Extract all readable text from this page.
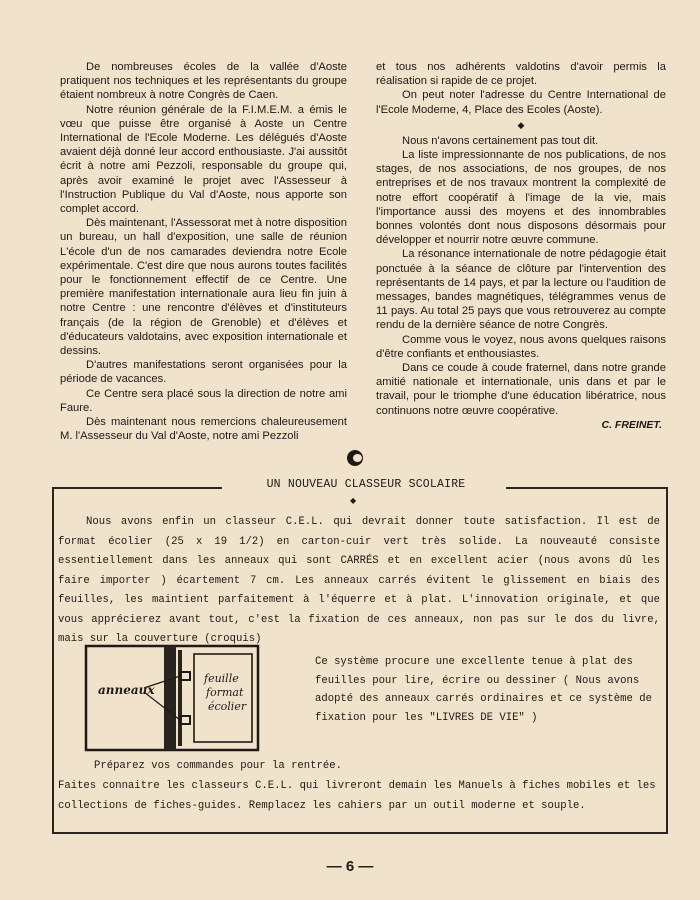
De nombreuses écoles de la vallée d'Aoste pratiquent nos techniques et les représentants du groupe étaient nombreux à notre Congrès de Caen.

Notre réunion générale de la F.I.M.E.M. a émis le vœu que puisse être organisé à Aoste un Centre International de l'Ecole Moderne. Les délégués d'Aoste avaient déjà donné leur accord enthousiaste. J'ai aussitôt écrit à notre ami Pezzoli, responsable du groupe qui, après avoir examiné le projet avec l'Assesseur à l'Instruction Publique du Val d'Aoste, nous apporte son complet accord.

Dès maintenant, l'Assessorat met à notre disposition un bureau, un hall d'exposition, une salle de réunion L'école d'un de nos camarades deviendra notre Ecole expérimentale. C'est dire que nous aurons toutes facilités pour le fonctionnement effectif de ce Centre. Une première manifestation internationale aura lieu fin juin à notre Centre : une rencontre d'élèves et d'instituteurs français (de la région de Grenoble) et d'élèves et d'éducateurs valdotains, avec exposition internationale et dessins.

D'autres manifestations seront organisées pour la période de vacances.

Ce Centre sera placé sous la direction de notre ami Faure.

Dès maintenant nous remercions chaleureusement M. l'Assesseur du Val d'Aoste, notre ami Pezzoli

et tous nos adhérents valdotins d'avoir permis la réalisation si rapide de ce projet.

On peut noter l'adresse du Centre International de l'Ecole Moderne, 4, Place des Ecoles (Aoste).

◆

Nous n'avons certainement pas tout dit.

La liste impressionnante de nos publications, de nos stages, de nos associations, de nos groupes, de nos entreprises et de nos travaux montrent la complexité de notre effort coopératif à l'image de la vie, mais l'importance aussi des moyens et des innombrables bonnes volontés dont nous disposons désormais pour développer et nourrir notre œuvre commune.

La résonance internationale de notre pédagogie était ponctuée à la séance de clôture par l'intervention des représentants de 14 pays, et par la lecture ou l'audition de messages, bandes magnétiques, télégrammes venus de 11 pays. Au total 25 pays que vous retrouverez au compte rendu de la dernière séance de notre Congrès.

Comme vous le voyez, nous avons quelques raisons d'être confiants et enthousiastes.

Dans ce coude à coude fraternel, dans notre grande amitié nationale et internationale, unis dans et par le travail, pour le triomphe d'une éducation libératrice, nous continuons notre œuvre coopérative.

C. FREINET.

UN NOUVEAU CLASSEUR SCOLAIRE
◆

Nous avons enfin un classeur C.E.L. qui devrait donner toute satisfaction. Il est de format écolier (25 x 19 1/2) en carton-cuir vert très solide. La nouveauté consiste essentiellement dans les anneaux qui sont CARRÉS et en excellent acier (nous avons dû les faire importer ) écartement 7 cm. Les anneaux carrés évitent le glissement en biais des feuilles, les maintient parfaitement à l'équerre et à plat. L'innovation originale, et que vous apprécierez avant tout, c'est la fixation de ces anneaux, non pas sur le dos du livre, mais sur la couverture (croquis)

anneaux
feuille
format
écolier
Ce système procure une excellente tenue à plat des feuilles pour lire, écrire ou dessiner ( Nous avons adopté des anneaux carrés ordinaires et ce système de fixation pour les "LIVRES DE VIE" )

Préparez vos commandes pour la rentrée.

Faites connaitre les classeurs C.E.L. qui livreront demain les Manuels à fiches mobiles et les collections de fiches-guides. Remplacez les cahiers par un outil moderne et souple.

— 6 —
